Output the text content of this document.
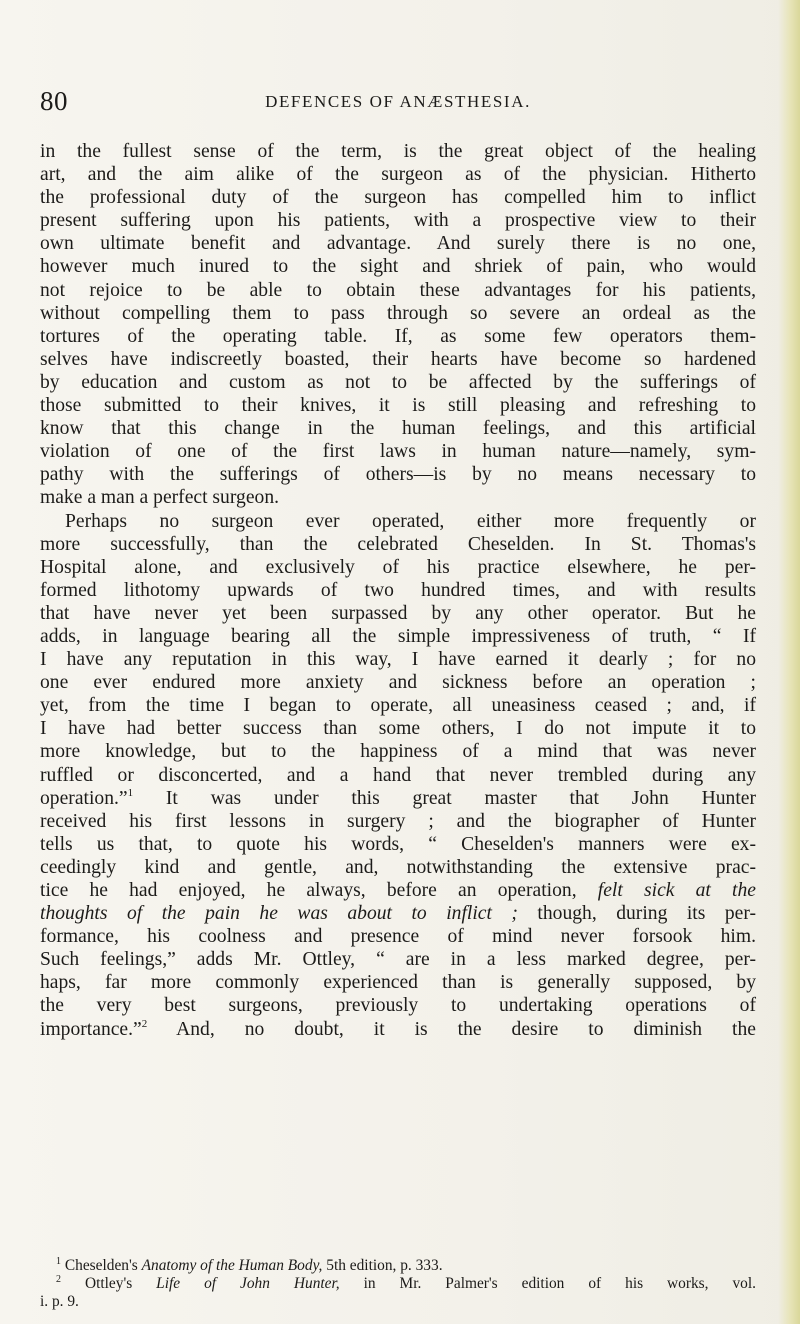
80	DEFENCES OF ANÆSTHESIA.

in the fullest sense of the term, is the great object of the healing
art, and the aim alike of the surgeon as of the physician. Hitherto
the professional duty of the surgeon has compelled him to inflict
present suffering upon his patients, with a prospective view to their
own ultimate benefit and advantage. And surely there is no one,
however much inured to the sight and shriek of pain, who would
not rejoice to be able to obtain these advantages for his patients,
without compelling them to pass through so severe an ordeal as the
tortures of the operating table. If, as some few operators them-
selves have indiscreetly boasted, their hearts have become so hardened
by education and custom as not to be affected by the sufferings of
those submitted to their knives, it is still pleasing and refreshing to
know that this change in the human feelings, and this artificial
violation of one of the first laws in human nature—namely, sym-
pathy with the sufferings of others—is by no means necessary to
make a man a perfect surgeon.

Perhaps no surgeon ever operated, either more frequently or
more successfully, than the celebrated Cheselden. In St. Thomas's
Hospital alone, and exclusively of his practice elsewhere, he per-
formed lithotomy upwards of two hundred times, and with results
that have never yet been surpassed by any other operator. But he
adds, in language bearing all the simple impressiveness of truth, “ If
I have any reputation in this way, I have earned it dearly ; for no
one ever endured more anxiety and sickness before an operation ;
yet, from the time I began to operate, all uneasiness ceased ; and, if
I have had better success than some others, I do not impute it to
more knowledge, but to the happiness of a mind that was never
ruffled or disconcerted, and a hand that never trembled during any
operation.”$^1$ It was under this great master that John Hunter
received his first lessons in surgery ; and the biographer of Hunter
tells us that, to quote his words, “ Cheselden's manners were ex-
ceedingly kind and gentle, and, notwithstanding the extensive prac-
tice he had enjoyed, he always, before an operation, felt sick at the
thoughts of the pain he was about to inflict ; though, during its per-
formance, his coolness and presence of mind never forsook him.
Such feelings,” adds Mr. Ottley, “ are in a less marked degree, per-
haps, far more commonly experienced than is generally supposed, by
the very best surgeons, previously to undertaking operations of
importance.”$^2$ And, no doubt, it is the desire to diminish the

$^1$ Cheselden's Anatomy of the Human Body, 5th edition, p. 333.
$^2$ Ottley's Life of John Hunter, in Mr. Palmer's edition of his works, vol.
i. p. 9.
